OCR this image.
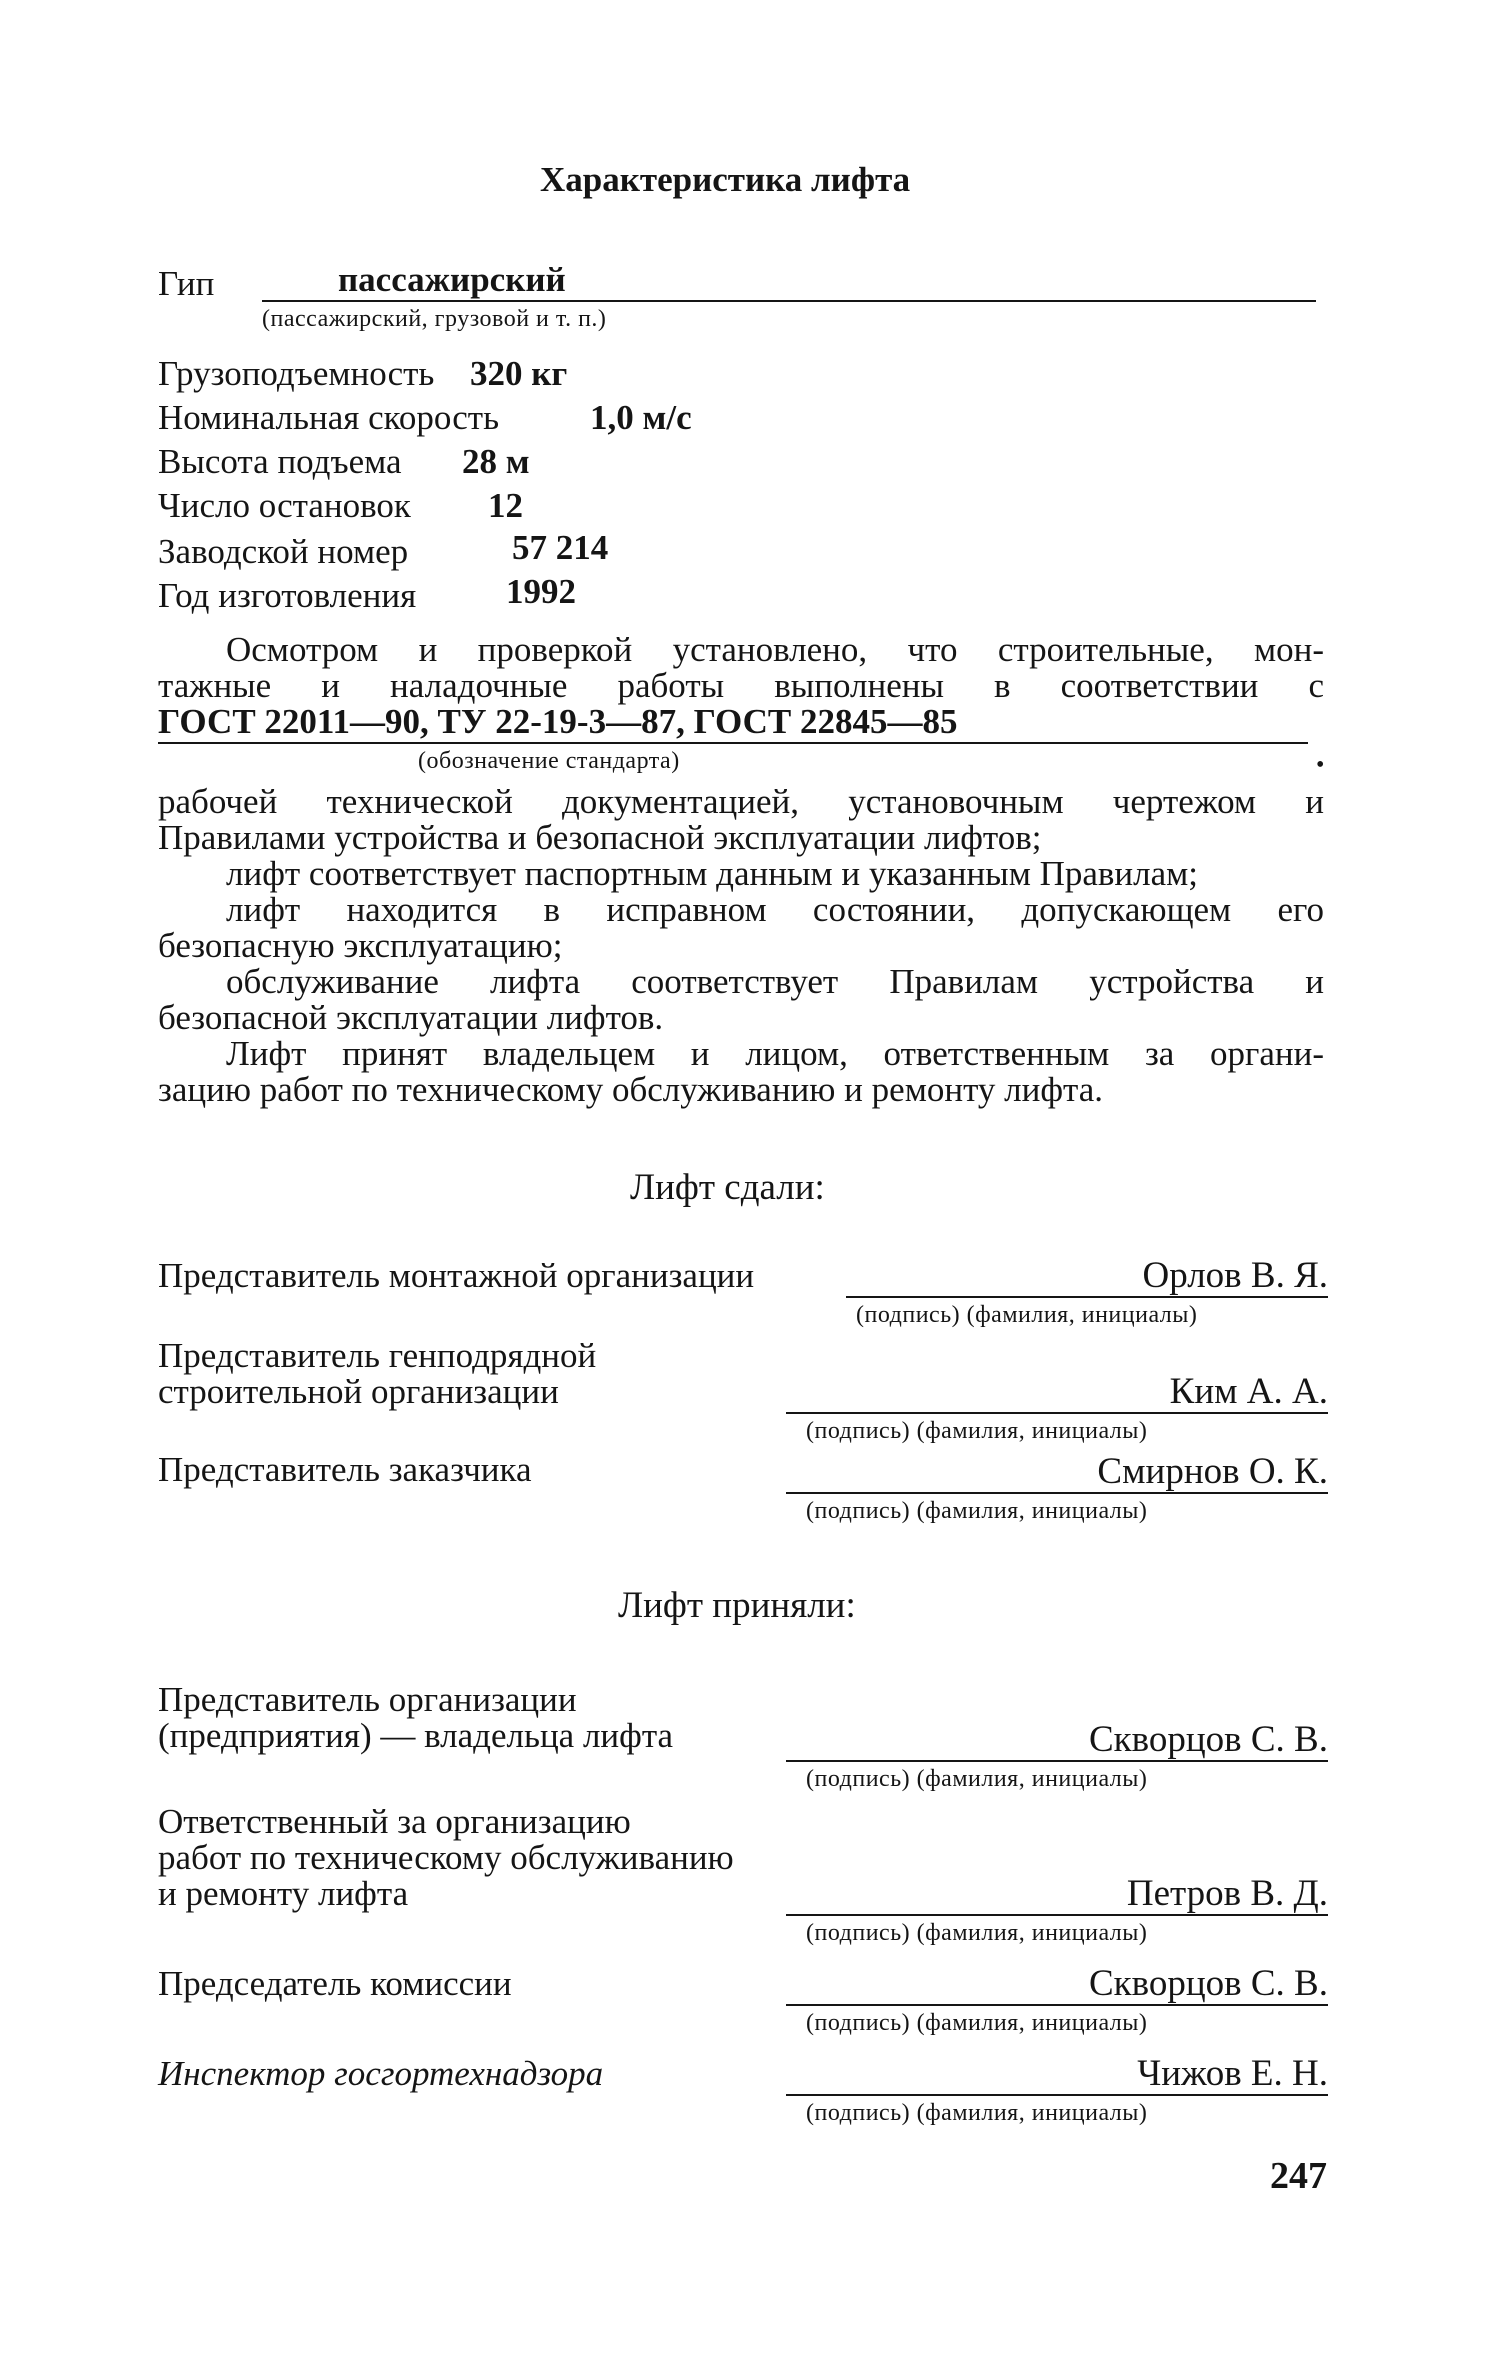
Характеристика лифта
Гип	пассажирский
(пассажирский, грузовой и т. п.)
Грузоподъемность 320 кг
Номинальная скорость	1,0 м/с
Высота подъема 28 м
Число остановок 12
Заводской номер	57 214
Год изготовления	1992
Осмотром и проверкой установлено, что строительные, мон-
тажные и наладочные работы выполнены в соответствии с
ГОСТ 22011—90, ТУ 22-19-3—87, ГОСТ 22845—85
(обозначение стандарта)	•
рабочей технической документацией, установочным чертежом и
Правилами устройства и безопасной эксплуатации лифтов;
лифт соответствует паспортным данным и указанным Правилам;
лифт находится в исправном состоянии, допускающем его
безопасную эксплуатацию;
обслуживание лифта соответствует Правилам устройства и
безопасной эксплуатации лифтов.
Лифт принят владельцем и лицом, ответственным за органи-
зацию работ по техническому обслуживанию и ремонту лифта.
Лифт сдали:
Представитель монтажной организации	Орлов В. Я.
(подпись) (фамилия, инициалы)
Представитель генподрядной
строительной организации	Ким А. А.
(подпись) (фамилия, инициалы)
Представитель заказчика	Смирнов О. К.
(подпись) (фамилия, инициалы)
Лифт приняли:
Представитель организации
(предприятия) — владельца лифта	Скворцов С. В.
(подпись) (фамилия, инициалы)
Ответственный за организацию
работ по техническому обслуживанию
и ремонту лифта	Петров В. Д.
(подпись) (фамилия, инициалы)
Председатель комиссии	Скворцов С. В.
(подпись) (фамилия, инициалы)
Инспектор госгортехнадзора	Чижов Е. Н.
(подпись) (фамилия, инициалы)
247
